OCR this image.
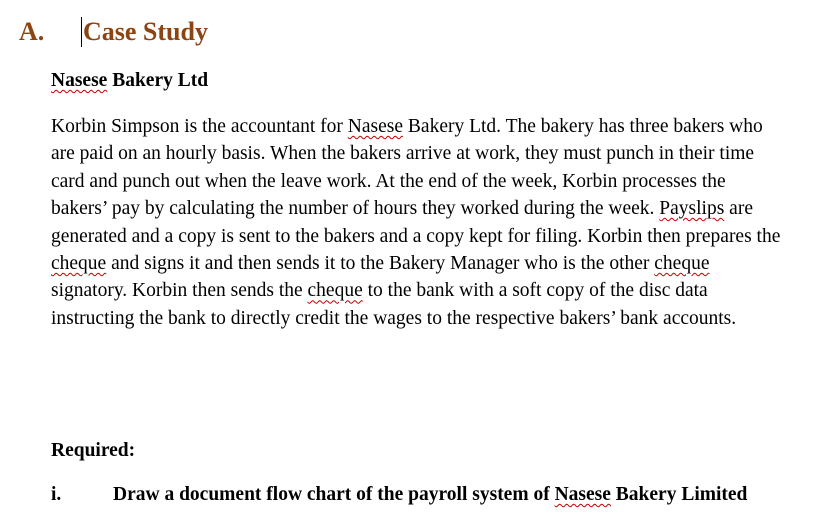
A.	Case Study
Nasese Bakery Ltd
Korbin Simpson is the accountant for Nasese Bakery Ltd. The bakery has three bakers who
are paid on an hourly basis. When the bakers arrive at work, they must punch in their time
card and punch out when the leave work. At the end of the week, Korbin processes the
bakers’ pay by calculating the number of hours they worked during the week. Payslips are
generated and a copy is sent to the bakers and a copy kept for filing. Korbin then prepares the
cheque and signs it and then sends it to the Bakery Manager who is the other cheque
signatory. Korbin then sends the cheque to the bank with a soft copy of the disc data
instructing the bank to directly credit the wages to the respective bakers’ bank accounts.
Required:
i.	Draw a document flow chart of the payroll system of Nasese Bakery Limited
